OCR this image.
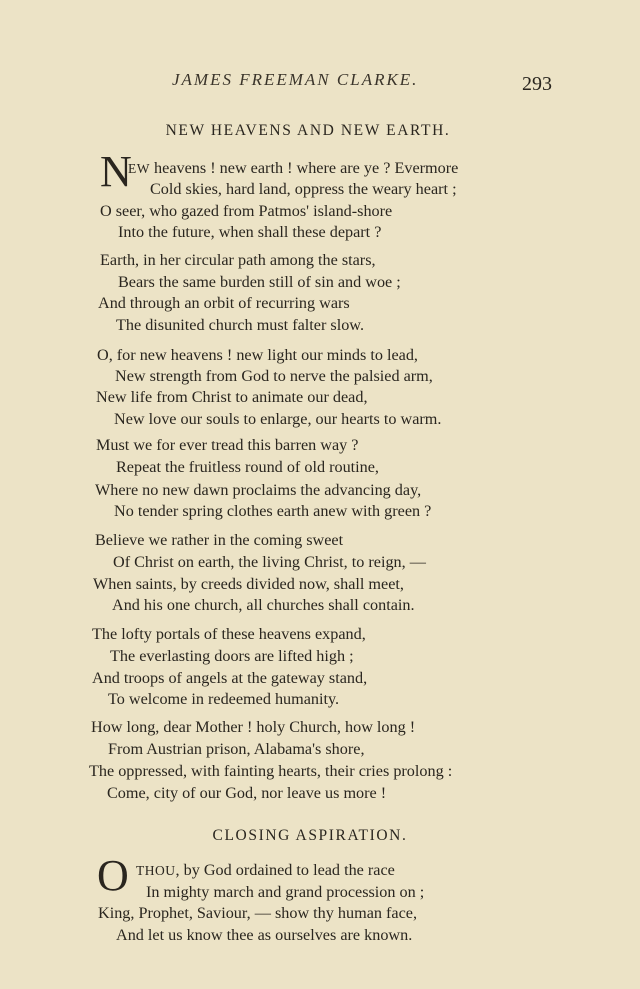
JAMES FREEMAN CLARKE.	293
NEW HEAVENS AND NEW EARTH.
N
EW heavens ! new earth ! where are ye ? Evermore
Cold skies, hard land, oppress the weary heart ;
O seer, who gazed from Patmos' island-shore
Into the future, when shall these depart ?
Earth, in her circular path among the stars,
Bears the same burden still of sin and woe ;
And through an orbit of recurring wars
The disunited church must falter slow.
O, for new heavens ! new light our minds to lead,
New strength from God to nerve the palsied arm,
New life from Christ to animate our dead,
New love our souls to enlarge, our hearts to warm.
Must we for ever tread this barren way ?
Repeat the fruitless round of old routine,
Where no new dawn proclaims the advancing day,
No tender spring clothes earth anew with green ?
Believe we rather in the coming sweet
Of Christ on earth, the living Christ, to reign, —
When saints, by creeds divided now, shall meet,
And his one church, all churches shall contain.
The lofty portals of these heavens expand,
The everlasting doors are lifted high ;
And troops of angels at the gateway stand,
To welcome in redeemed humanity.
How long, dear Mother ! holy Church, how long !
From Austrian prison, Alabama's shore,
The oppressed, with fainting hearts, their cries prolong :
Come, city of our God, nor leave us more !
CLOSING ASPIRATION.
O THOU, by God ordained to lead the race
In mighty march and grand procession on ;
King, Prophet, Saviour, — show thy human face,
And let us know thee as ourselves are known.
